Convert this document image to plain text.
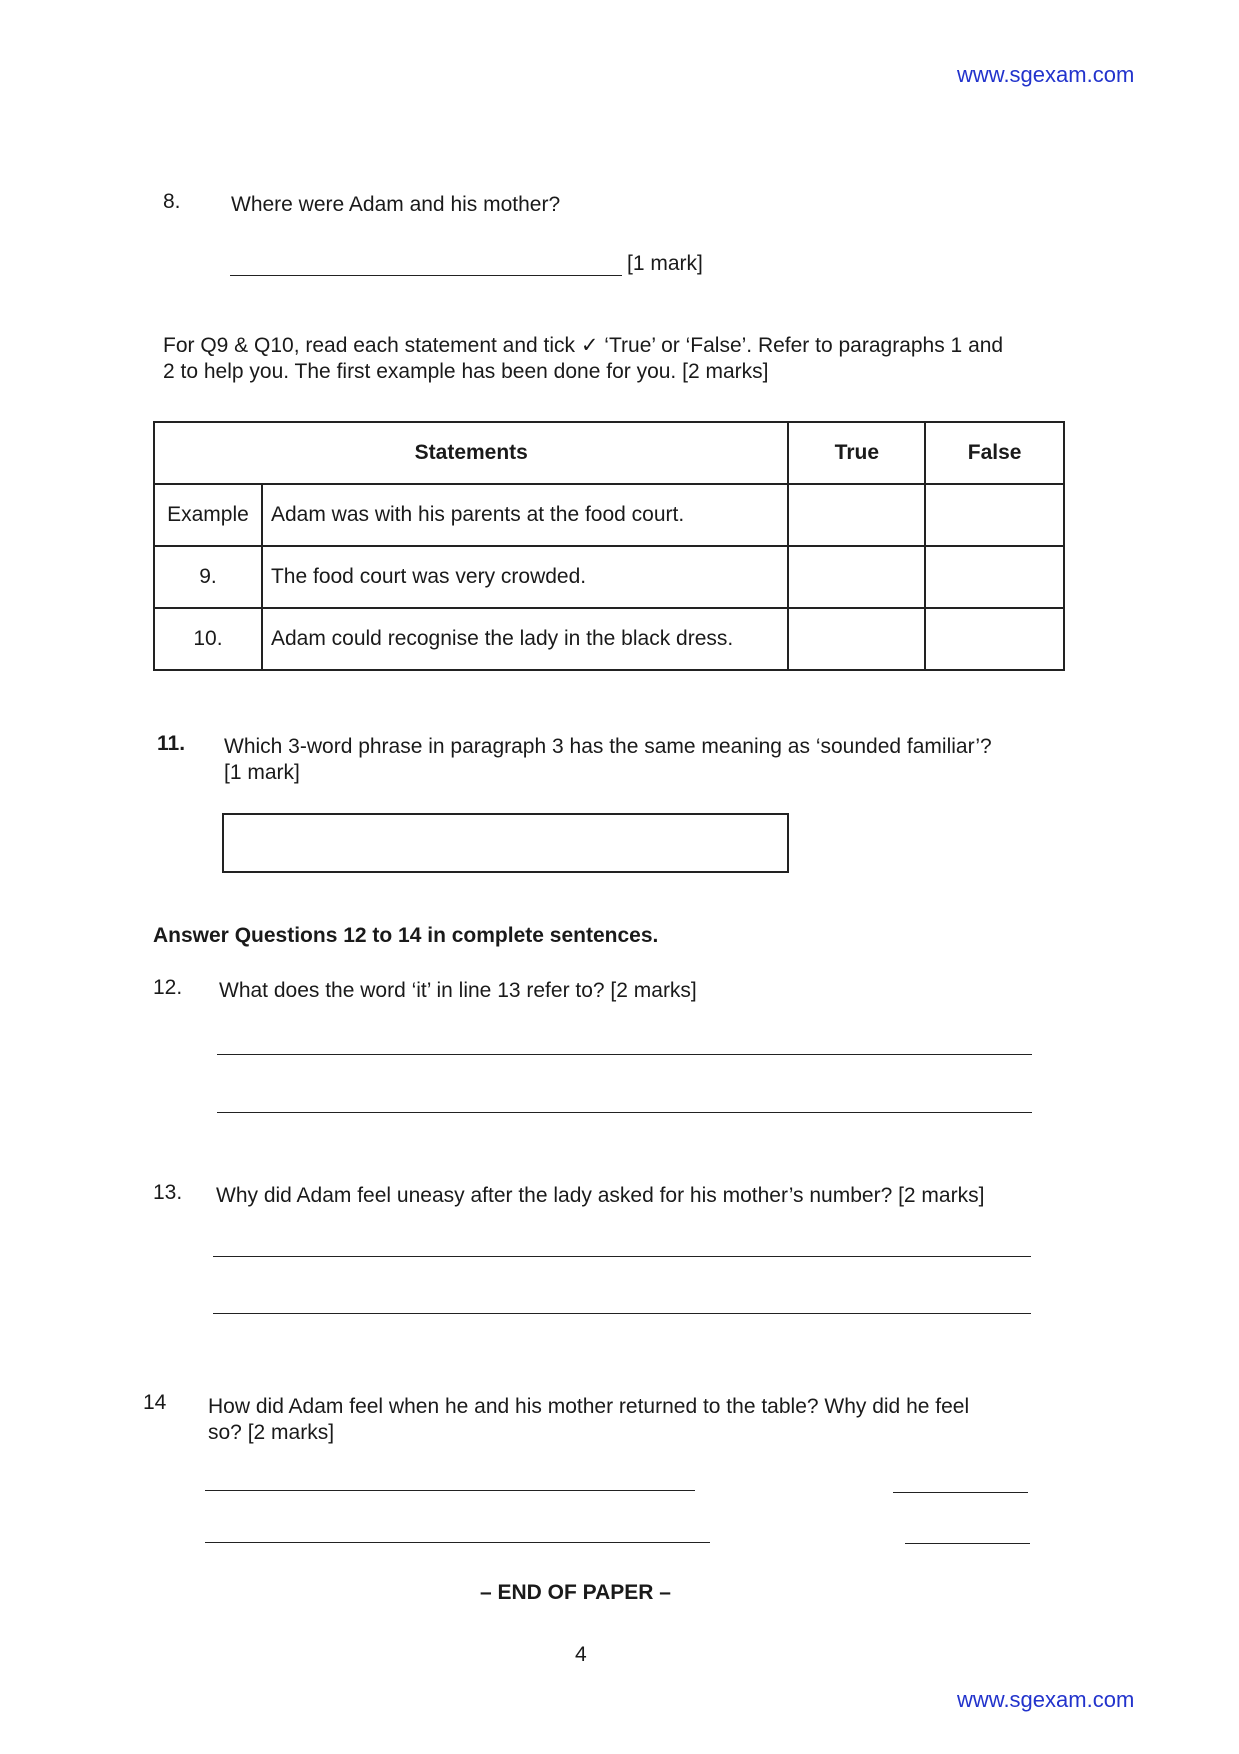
www.sgexam.com
8. Where were Adam and his mother?
[1 mark]
For Q9 & Q10, read each statement and tick ✓ ‘True’ or ‘False’. Refer to paragraphs 1 and
2 to help you. The first example has been done for you. [2 marks]
Statements		True	False
Example	Adam was with his parents at the food court.		
9.	The food court was very crowded.		
10.	Adam could recognise the lady in the black dress.		
11. Which 3-word phrase in paragraph 3 has the same meaning as ‘sounded familiar’?
[1 mark]
Answer Questions 12 to 14 in complete sentences.
12. What does the word ‘it’ in line 13 refer to? [2 marks]
13. Why did Adam feel uneasy after the lady asked for his mother’s number? [2 marks]
14 How did Adam feel when he and his mother returned to the table? Why did he feel
so? [2 marks]
– END OF PAPER –
4
www.sgexam.com
